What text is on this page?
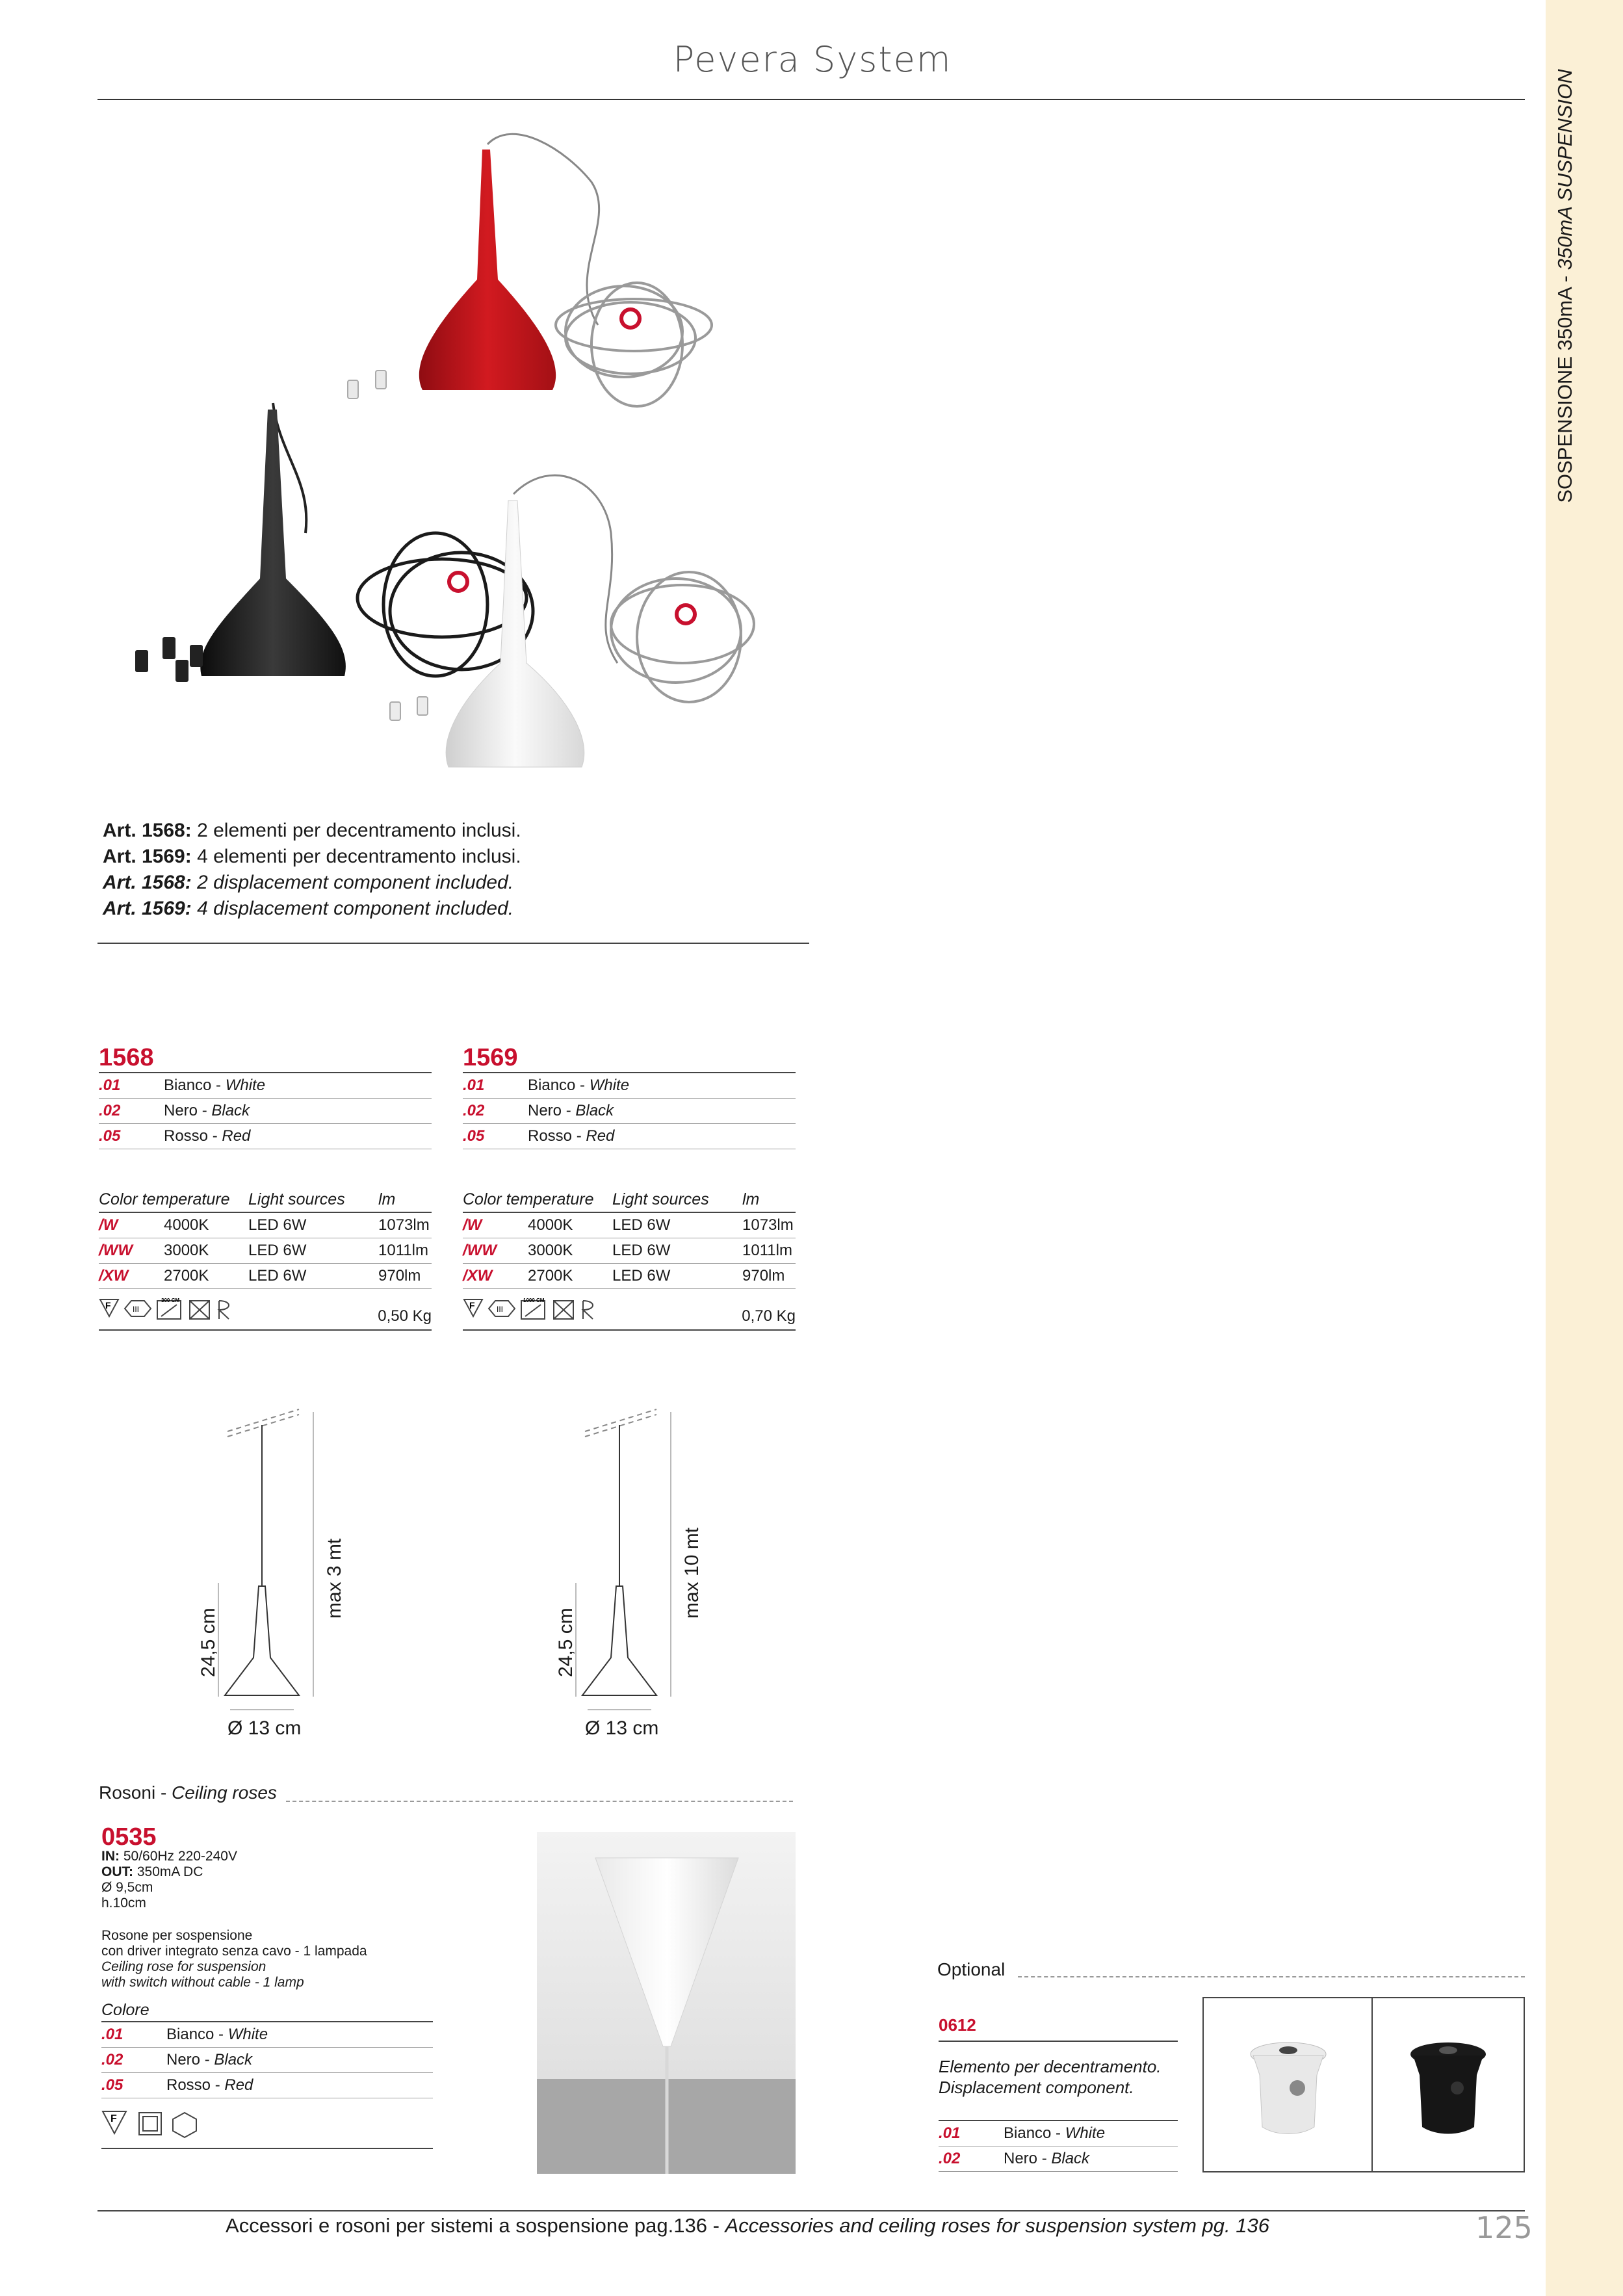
SOSPENSIONE 350mA - 350mA SUSPENSION
Pevera System
Art. 1568: 2 elementi per decentramento inclusi.
Art. 1569: 4 elementi per decentramento inclusi.
Art. 1568: 2 displacement component included.
Art. 1569: 4 displacement component included.
1568
.01	Bianco - White
.02	Nero - Black
.05	Rosso - Red
Color temperature		Light sources	lm
/W	4000K	LED 6W	1073lm
/WW	3000K	LED 6W	1011lm
/XW	2700K	LED 6W	970lm
F	III
300 CM
0,50 Kg
1569
.01	Bianco - White
.02	Nero - Black
.05	Rosso - Red
Color temperature		Light sources	lm
/W	4000K	LED 6W	1073lm
/WW	3000K	LED 6W	1011lm
/XW	2700K	LED 6W	970lm
F	III
1000 CM
0,70 Kg
max 3 mt
24,5 cm
Ø 13 cm
max 10 mt
24,5 cm
Ø 13 cm
Rosoni - Ceiling roses
0535
IN: 50/60Hz 220-240V
OUT: 350mA DC
Ø 9,5cm
h.10cm
Rosone per sospensione
con driver integrato senza cavo - 1 lampada
Ceiling rose for suspension
with switch without cable - 1 lamp
Colore
.01	Bianco - White
.02	Nero - Black
.05	Rosso - Red
F
Optional
0612
Elemento per decentramento.
Displacement component.
.01	Bianco - White
.02	Nero - Black
Accessori e rosoni per sistemi a sospensione pag.136 - Accessories and ceiling roses for suspension system pg. 136	125
